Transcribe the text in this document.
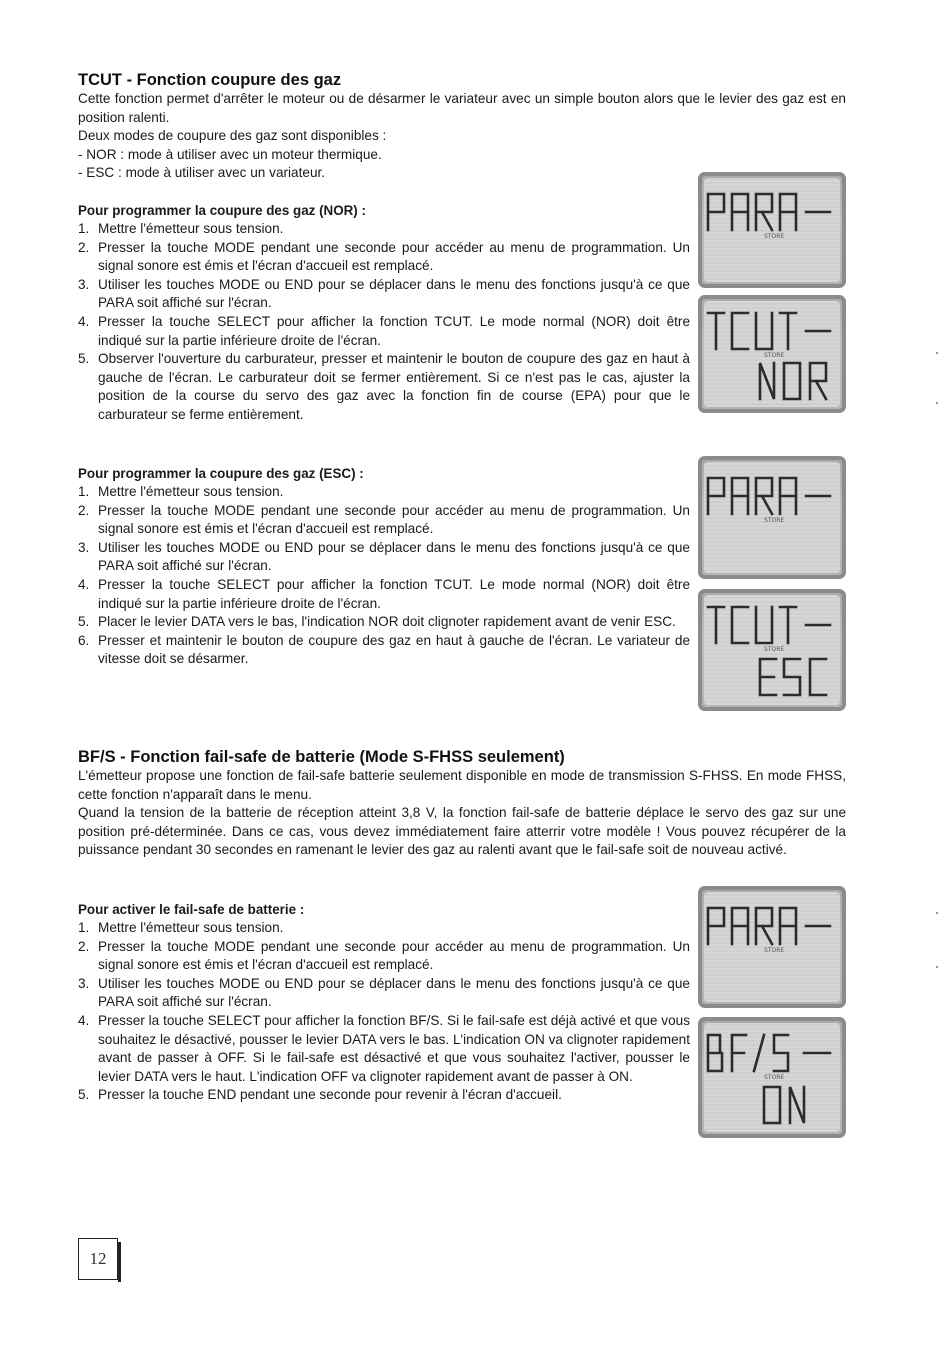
TCUT - Fonction coupure des gaz

Cette fonction permet d'arrêter le moteur ou de désarmer le variateur avec un simple bouton alors que le levier des gaz est en position ralenti.

Deux modes de coupure des gaz sont disponibles :

- NOR : mode à utiliser avec un moteur thermique.

- ESC : mode à utiliser avec un variateur.

Pour programmer la coupure des gaz (NOR) :

1. Mettre l'émetteur sous tension.
2. Presser la touche MODE pendant une seconde pour accéder au menu de programmation. Un signal sonore est émis et l'écran d'accueil est remplacé.
3. Utiliser les touches MODE ou END pour se déplacer dans le menu des fonctions jusqu'à ce que PARA soit affiché sur l'écran.
4. Presser la touche SELECT pour afficher la fonction TCUT. Le mode normal (NOR) doit être indiqué sur la partie inférieure droite de l'écran.
5. Observer l'ouverture du carburateur, presser et maintenir le bouton de coupure des gaz en haut à gauche de l'écran. Le carburateur doit se fermer entièrement. Si ce n'est pas le cas, ajuster la position de la course du servo des gaz avec la fonction fin de course (EPA) pour que le carburateur se ferme entièrement.

Pour programmer la coupure des gaz (ESC) :

1. Mettre l'émetteur sous tension.
2. Presser la touche MODE pendant une seconde pour accéder au menu de programmation. Un signal sonore est émis et l'écran d'accueil est remplacé.
3. Utiliser les touches MODE ou END pour se déplacer dans le menu des fonctions jusqu'à ce que PARA soit affiché sur l'écran.
4. Presser la touche SELECT pour afficher la fonction TCUT. Le mode normal (NOR) doit être indiqué sur la partie inférieure droite de l'écran.
5. Placer le levier DATA vers le bas, l'indication NOR doit clignoter rapidement avant de venir ESC.
6. Presser et maintenir le bouton de coupure des gaz en haut à gauche de l'écran. Le variateur de vitesse doit se désarmer.
BF/S - Fonction fail-safe de batterie (Mode S-FHSS seulement)

L'émetteur propose une fonction de fail-safe batterie seulement disponible en mode de transmission S-FHSS. En mode FHSS, cette fonction n'apparaît dans le menu.

Quand la tension de la batterie de réception atteint 3,8 V, la fonction fail-safe de batterie déplace le servo des gaz sur une position pré-déterminée. Dans ce cas, vous devez immédiatement faire atterrir votre modèle ! Vous pouvez récupérer de la puissance pendant 30 secondes en ramenant le levier des gaz au ralenti avant que le fail-safe soit de nouveau activé.

Pour activer le fail-safe de batterie :

1. Mettre l'émetteur sous tension.
2. Presser la touche MODE pendant une seconde pour accéder au menu de programmation. Un signal sonore est émis et l'écran d'accueil est remplacé.
3. Utiliser les touches MODE ou END pour se déplacer dans le menu des fonctions jusqu'à ce que PARA soit affiché sur l'écran.
4. Presser la touche SELECT pour afficher la fonction BF/S. Si le fail-safe est déjà activé et que vous souhaitez le désactivé, pousser le levier DATA vers le bas. L'indication ON va clignoter rapidement avant de passer à OFF. Si le fail-safe est désactivé et que vous souhaitez l'activer, pousser le levier DATA vers le haut. L'indication OFF va clignoter rapidement avant de passer à ON.
5. Presser la touche END pendant une seconde pour revenir à l'écran d'accueil.
STORE
STORE
STORE
STORE
STORE
STORE
12
